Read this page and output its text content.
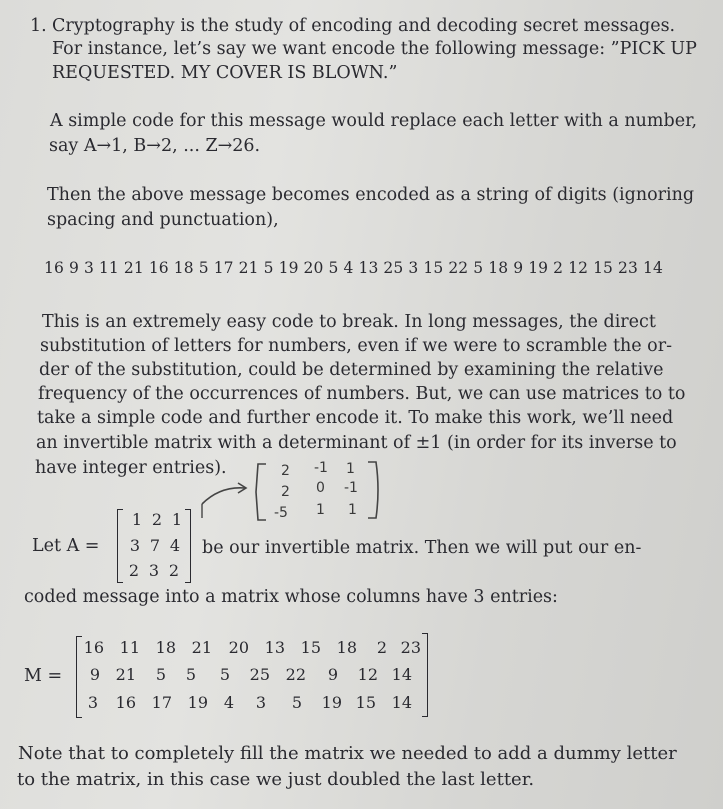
1. Cryptography is the study of encoding and decoding secret messages.
For instance, let’s say we want encode the following message: ”PICK UP
REQUESTED. MY COVER IS BLOWN.”
A simple code for this message would replace each letter with a number,
say A→1, B→2, ... Z→26.
Then the above message becomes encoded as a string of digits (ignoring
spacing and punctuation),
16 9 3 11 21 16 18 5 17 21 5 19 20 5 4 13 25 3 15 22 5 18 9 19 2 12 15 23 14
This is an extremely easy code to break. In long messages, the direct
substitution of letters for numbers, even if we were to scramble the or-
der of the substitution, could be determined by examining the relative
frequency of the occurrences of numbers. But, we can use matrices to to
take a simple code and further encode it. To make this work, we’ll need
an invertible matrix with a determinant of ±1 (in order for its inverse to
have integer entries).	2 -1 1
2 0 -1
-5 1 1
Let A =
1 2 1
3 7 4
2 3 2
be our invertible matrix. Then we will put our en-
coded message into a matrix whose columns have 3 entries:
M =
16 11 18 21	20 13 15 18	2 23
9 21	5	5	5	25 22	9	12 14
3	16 17 19 4	3	5	19 15 14
Note that to completely fill the matrix we needed to add a dummy letter
to the matrix, in this case we just doubled the last letter.
